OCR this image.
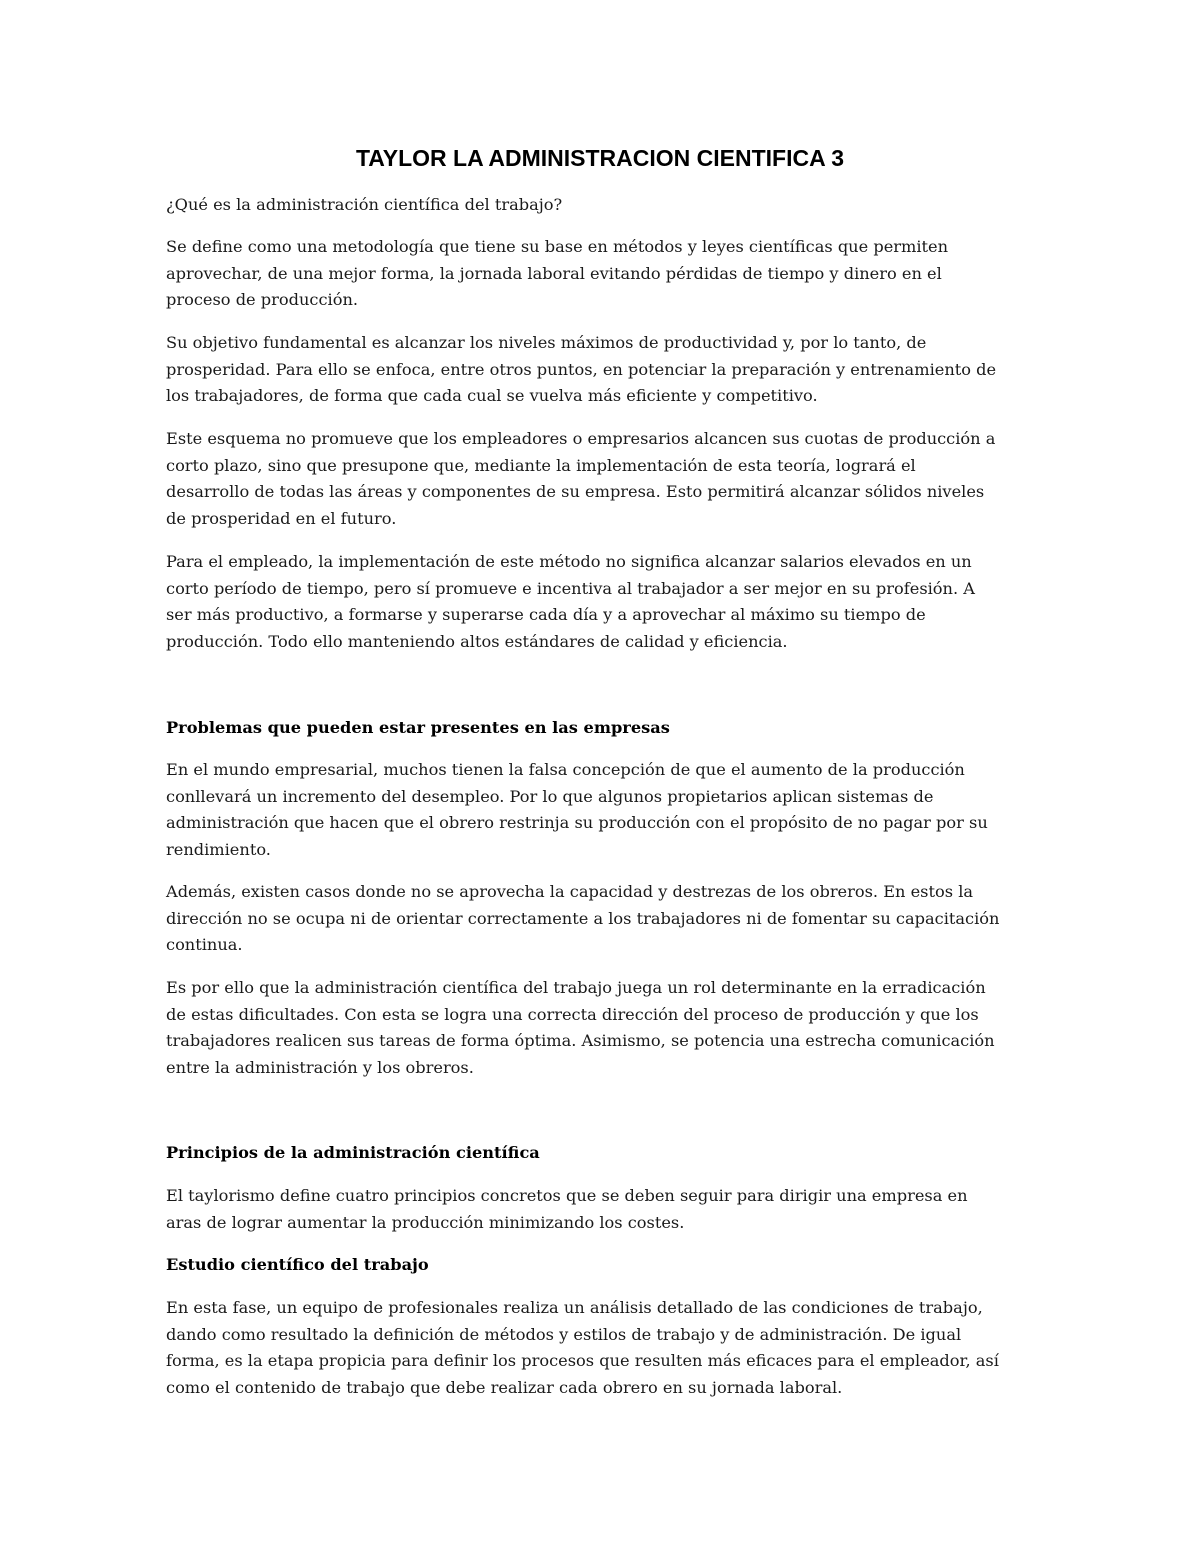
TAYLOR LA ADMINISTRACION CIENTIFICA 3

¿Qué es la administración científica del trabajo?

Se define como una metodología que tiene su base en métodos y leyes científicas que permiten
aprovechar, de una mejor forma, la jornada laboral evitando pérdidas de tiempo y dinero en el
proceso de producción.

Su objetivo fundamental es alcanzar los niveles máximos de productividad y, por lo tanto, de
prosperidad. Para ello se enfoca, entre otros puntos, en potenciar la preparación y entrenamiento de
los trabajadores, de forma que cada cual se vuelva más eficiente y competitivo.

Este esquema no promueve que los empleadores o empresarios alcancen sus cuotas de producción a
corto plazo, sino que presupone que, mediante la implementación de esta teoría, logrará el
desarrollo de todas las áreas y componentes de su empresa. Esto permitirá alcanzar sólidos niveles
de prosperidad en el futuro.

Para el empleado, la implementación de este método no significa alcanzar salarios elevados en un
corto período de tiempo, pero sí promueve e incentiva al trabajador a ser mejor en su profesión. A
ser más productivo, a formarse y superarse cada día y a aprovechar al máximo su tiempo de
producción. Todo ello manteniendo altos estándares de calidad y eficiencia.

Problemas que pueden estar presentes en las empresas

En el mundo empresarial, muchos tienen la falsa concepción de que el aumento de la producción
conllevará un incremento del desempleo. Por lo que algunos propietarios aplican sistemas de
administración que hacen que el obrero restrinja su producción con el propósito de no pagar por su
rendimiento.

Además, existen casos donde no se aprovecha la capacidad y destrezas de los obreros. En estos la
dirección no se ocupa ni de orientar correctamente a los trabajadores ni de fomentar su capacitación
continua.

Es por ello que la administración científica del trabajo juega un rol determinante en la erradicación
de estas dificultades. Con esta se logra una correcta dirección del proceso de producción y que los
trabajadores realicen sus tareas de forma óptima. Asimismo, se potencia una estrecha comunicación
entre la administración y los obreros.

Principios de la administración científica

El taylorismo define cuatro principios concretos que se deben seguir para dirigir una empresa en
aras de lograr aumentar la producción minimizando los costes.

Estudio científico del trabajo

En esta fase, un equipo de profesionales realiza un análisis detallado de las condiciones de trabajo,
dando como resultado la definición de métodos y estilos de trabajo y de administración. De igual
forma, es la etapa propicia para definir los procesos que resulten más eficaces para el empleador, así
como el contenido de trabajo que debe realizar cada obrero en su jornada laboral.
